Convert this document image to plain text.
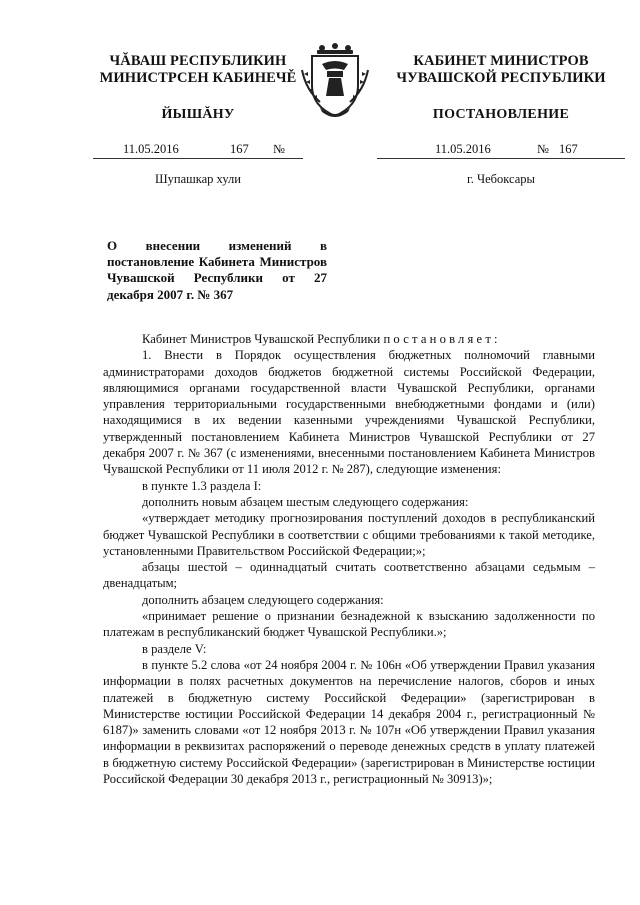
ЧĂВАШ РЕСПУБЛИКИН
МИНИСТРСЕН КАБИНЕЧĚ
ЙЫШĂНУ
11.05.2016	167 №
Шупашкар хули
КАБИНЕТ МИНИСТРОВ
ЧУВАШСКОЙ РЕСПУБЛИКИ
ПОСТАНОВЛЕНИЕ
11.05.2016	№ 167
г. Чебоксары
О внесении изменений в постановление Кабинета Министров Чувашской Республики от 27 декабря 2007 г. № 367

Кабинет Министров Чувашской Республики постановляет:

1. Внести в Порядок осуществления бюджетных полномочий главными администраторами доходов бюджетов бюджетной системы Российской Федерации, являющимися органами государственной власти Чувашской Республики, органами управления территориальными государственными внебюджетными фондами и (или) находящимися в их ведении казенными учреждениями Чувашской Республики, утвержденный постановлением Кабинета Министров Чувашской Республики от 27 декабря 2007 г. № 367 (с изменениями, внесенными постановлением Кабинета Министров Чувашской Республики от 11 июля 2012 г. № 287), следующие изменения:

в пункте 1.3 раздела I:

дополнить новым абзацем шестым следующего содержания:

«утверждает методику прогнозирования поступлений доходов в республиканский бюджет Чувашской Республики в соответствии с общими требованиями к такой методике, установленными Правительством Российской Федерации;»;

абзацы шестой – одиннадцатый считать соответственно абзацами седьмым – двенадцатым;

дополнить абзацем следующего содержания:

«принимает решение о признании безнадежной к взысканию задолженности по платежам в республиканский бюджет Чувашской Республики.»;

в разделе V:

в пункте 5.2 слова «от 24 ноября 2004 г. № 106н «Об утверждении Правил указания информации в полях расчетных документов на перечисление налогов, сборов и иных платежей в бюджетную систему Российской Федерации» (зарегистрирован в Министерстве юстиции Российской Федерации 14 декабря 2004 г., регистрационный № 6187)» заменить словами «от 12 ноября 2013 г. № 107н «Об утверждении Правил указания информации в реквизитах распоряжений о переводе денежных средств в уплату платежей в бюджетную систему Российской Федерации» (зарегистрирован в Министерстве юстиции Российской Федерации 30 декабря 2013 г., регистрационный № 30913)»;
